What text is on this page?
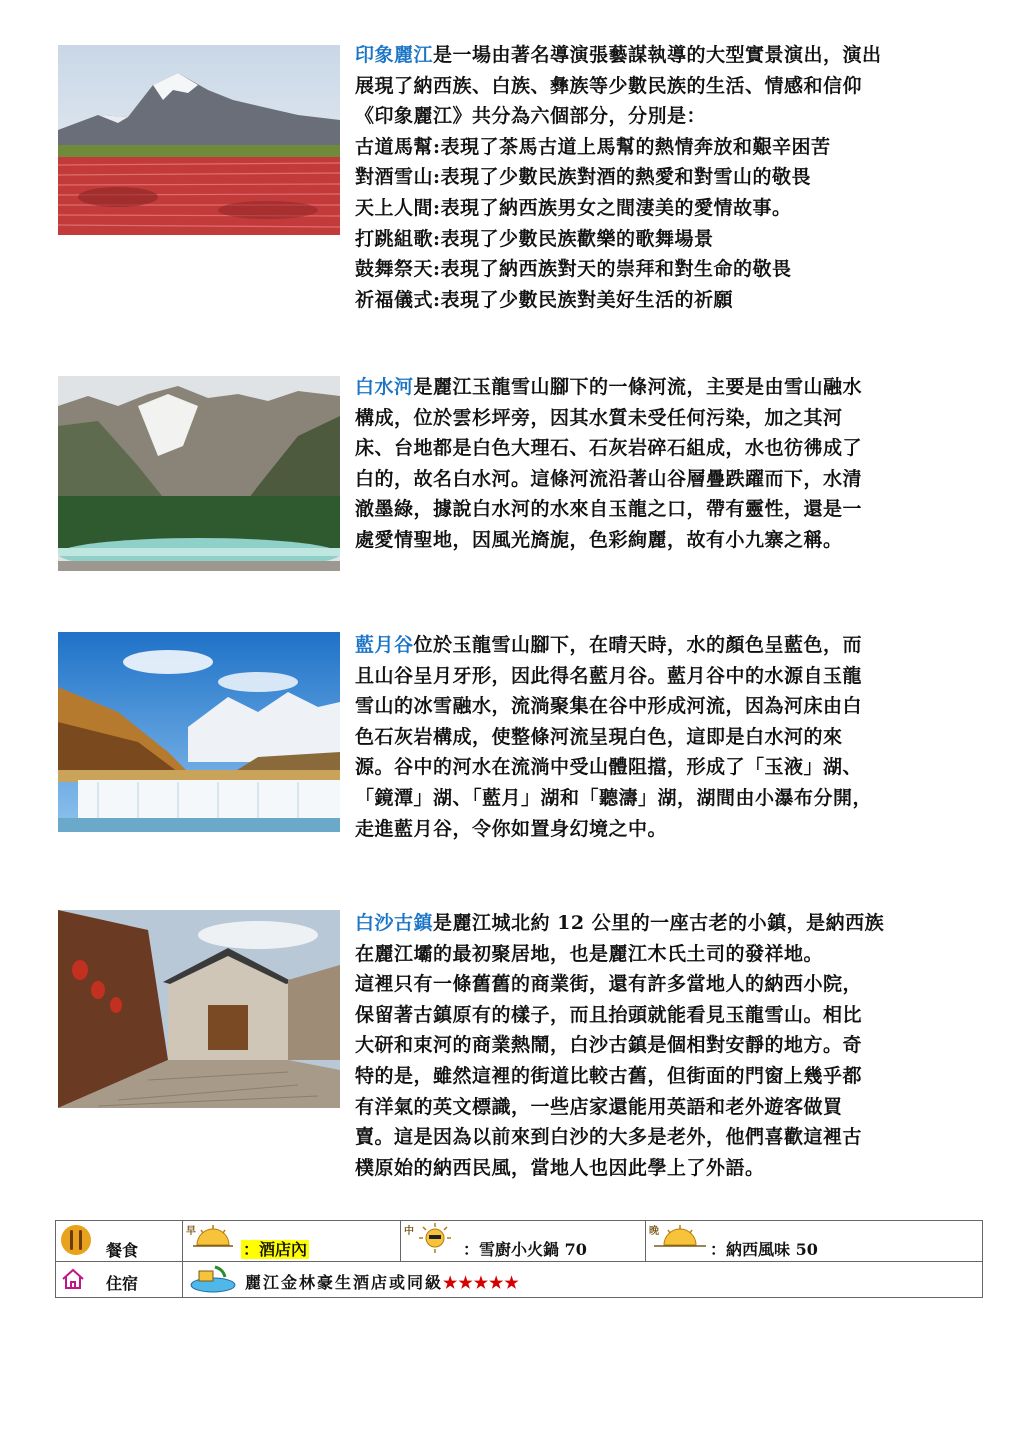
印象麗江是一場由著名導演張藝謀執導的大型實景演出，演出

展現了納西族、白族、彝族等少數民族的生活、情感和信仰

《印象麗江》共分為六個部分，分別是：

古道馬幫:表現了茶馬古道上馬幫的熱情奔放和艱辛困苦

對酒雪山:表現了少數民族對酒的熱愛和對雪山的敬畏

天上人間:表現了納西族男女之間淒美的愛情故事。

打跳組歌:表現了少數民族歡樂的歌舞場景

鼓舞祭天:表現了納西族對天的崇拜和對生命的敬畏

祈福儀式:表現了少數民族對美好生活的祈願

白水河是麗江玉龍雪山腳下的一條河流，主要是由雪山融水

構成，位於雲杉坪旁，因其水質未受任何污染，加之其河

床、台地都是白色大理石、石灰岩碎石組成，水也彷彿成了

白的，故名白水河。這條河流沿著山谷層疊跌躍而下，水清

澈墨綠，據說白水河的水來自玉龍之口，帶有靈性，還是一

處愛情聖地，因風光旖旎，色彩絢麗，故有小九寨之稱。

藍月谷位於玉龍雪山腳下，在晴天時，水的顏色呈藍色，而

且山谷呈月牙形，因此得名藍月谷。藍月谷中的水源自玉龍

雪山的冰雪融水，流淌聚集在谷中形成河流，因為河床由白

色石灰岩構成，使整條河流呈現白色，這即是白水河的來

源。谷中的河水在流淌中受山體阻擋，形成了「玉液」湖、

「鏡潭」湖、「藍月」湖和「聽濤」湖，湖間由小瀑布分開，

走進藍月谷，令你如置身幻境之中。

白沙古鎮是麗江城北約 12 公里的一座古老的小鎮，是納西族

在麗江壩的最初聚居地，也是麗江木氏土司的發祥地。

這裡只有一條舊舊的商業街，還有許多當地人的納西小院，

保留著古鎮原有的樣子，而且抬頭就能看見玉龍雪山。相比

大研和束河的商業熱鬧，白沙古鎮是個相對安靜的地方。奇

特的是，雖然這裡的街道比較古舊，但街面的門窗上幾乎都

有洋氣的英文標識，一些店家還能用英語和老外遊客做買

賣。這是因為以前來到白沙的大多是老外，他們喜歡這裡古

樸原始的納西民風，當地人也因此學上了外語。

餐食
早
：酒店內
中
：雪廚小火鍋 70
晚
：納西風味 50
住宿	麗江金林豪生酒店或同級★★★★★
